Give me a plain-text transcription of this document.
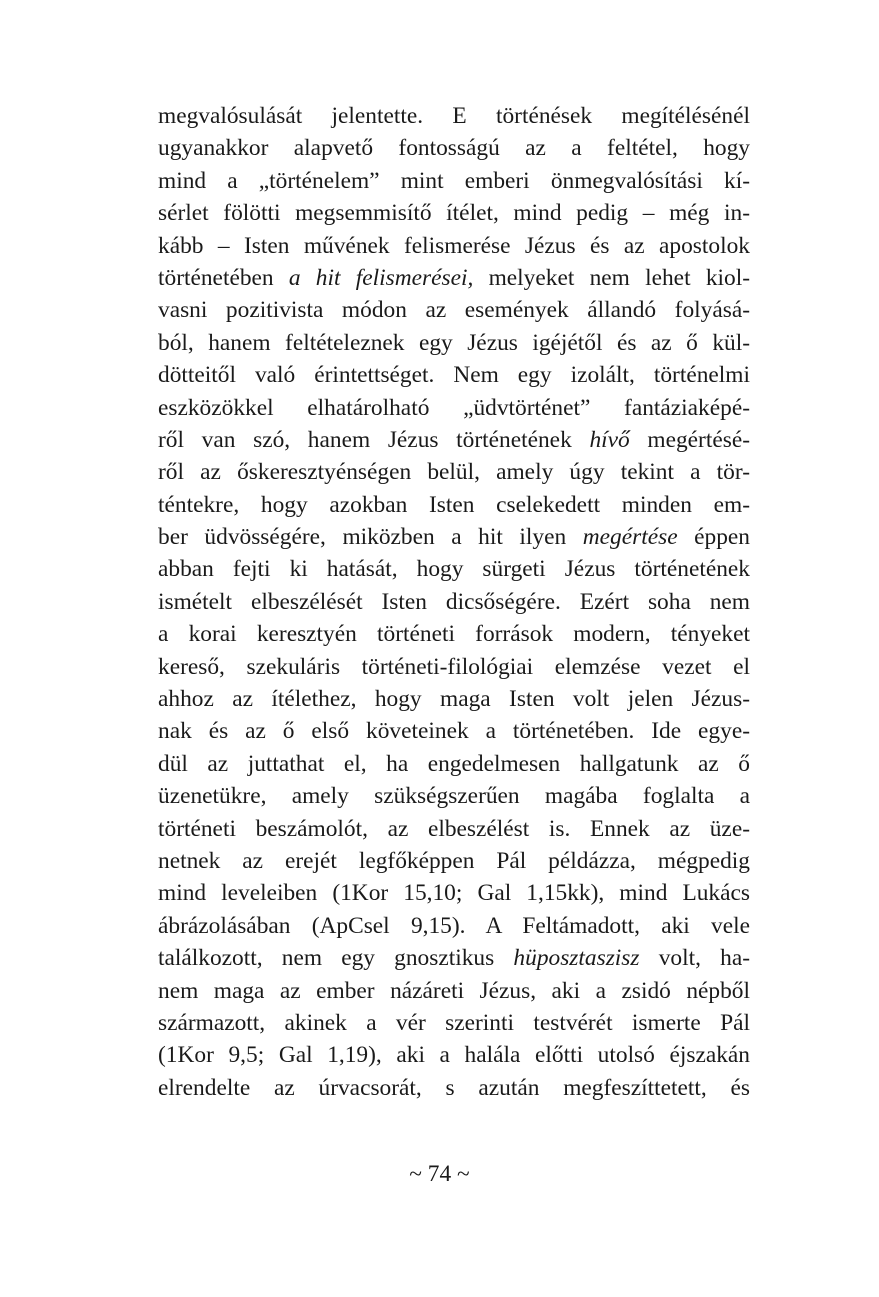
megvalósulását jelentette. E történések megítélésénél
ugyanakkor alapvető fontosságú az a feltétel, hogy
mind a „történelem” mint emberi önmegvalósítási kí-
sérlet fölötti megsemmisítő ítélet, mind pedig – még in-
kább – Isten művének felismerése Jézus és az apostolok
történetében a hit felismerései, melyeket nem lehet kiol-
vasni pozitivista módon az események állandó folyásá-
ból, hanem feltételeznek egy Jézus igéjétől és az ő kül-
dötteitől való érintettséget. Nem egy izolált, történelmi
eszközökkel elhatárolható „üdvtörténet” fantáziaképé-
ről van szó, hanem Jézus történetének hívő megértésé-
ről az őskeresztyénségen belül, amely úgy tekint a tör-
téntekre, hogy azokban Isten cselekedett minden em-
ber üdvösségére, miközben a hit ilyen megértése éppen
abban fejti ki hatását, hogy sürgeti Jézus történetének
ismételt elbeszélését Isten dicsőségére. Ezért soha nem
a korai keresztyén történeti források modern, tényeket
kereső, szekuláris történeti-filológiai elemzése vezet el
ahhoz az ítélethez, hogy maga Isten volt jelen Jézus-
nak és az ő első követeinek a történetében. Ide egye-
dül az juttathat el, ha engedelmesen hallgatunk az ő
üzenetükre, amely szükségszerűen magába foglalta a
történeti beszámolót, az elbeszélést is. Ennek az üze-
netnek az erejét legfőképpen Pál példázza, mégpedig
mind leveleiben (1Kor 15,10; Gal 1,15kk), mind Lukács
ábrázolásában (ApCsel 9,15). A Feltámadott, aki vele
találkozott, nem egy gnosztikus hüposztaszisz volt, ha-
nem maga az ember názáreti Jézus, aki a zsidó népből
származott, akinek a vér szerinti testvérét ismerte Pál
(1Kor 9,5; Gal 1,19), aki a halála előtti utolsó éjszakán
elrendelte az úrvacsorát, s azután megfeszíttetett, és
~ 74 ~
